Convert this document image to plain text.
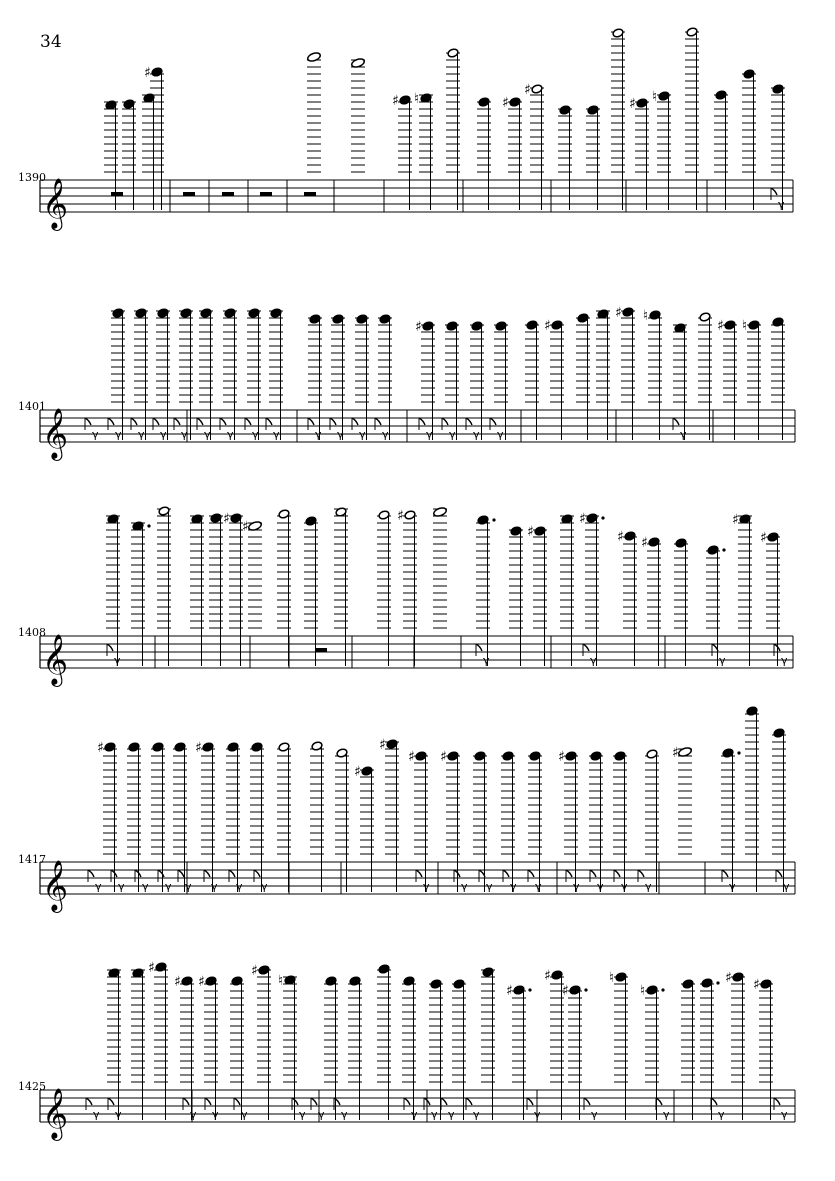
34
1390
1401
1408
1417
1425
𝄞
♯
♯ ♮	♯
♯
♯ ♮
γ
𝄞
♯	♯
♯ ♮
♯ ♮
γ γ γ γ γ γ γ γ γ	γ γ γ γ	γ γ γ γ	γ
𝄞
♯ ♯
♯
♯
♯
♯ ♯
♯
♯
γ	γ	γ	γ	γ
𝄞
♯	♯
♯
♯
♯ ♯	♯	♯
γ γ γ γ γ γ γ γ	γ	γ γ γ γ	γ γ γ γ	γ	γ
𝄞
♯
♯ ♯
♯
♮
♯
♯
♯
♮
♮
♯ ♯
γ γ	γ γ γ	γ γ γ	γ γ γ γ	γ	γ	γ	γ	γ
